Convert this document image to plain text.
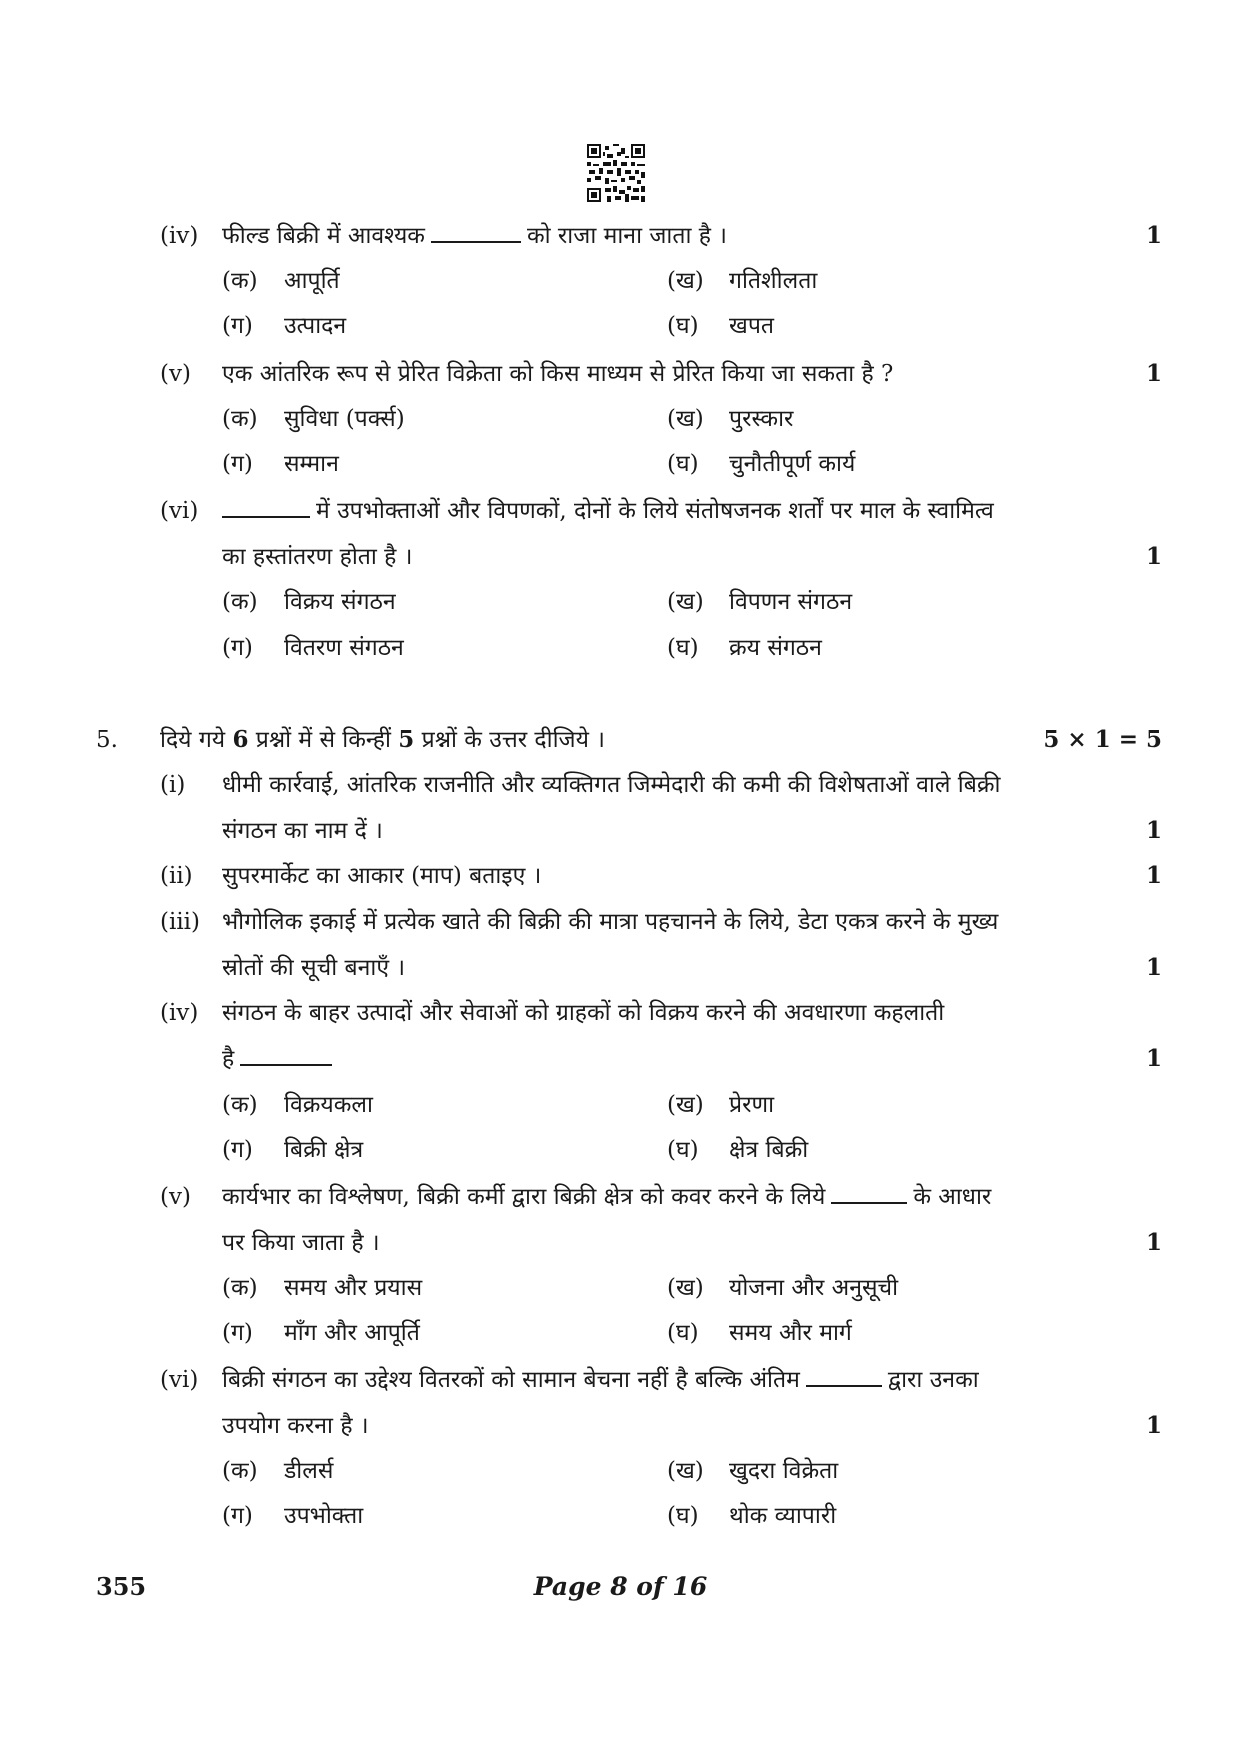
(iv)	फील्ड बिक्री में आवश्यक	को राजा माना जाता है ।	1
(क) आपूर्ति	(ख) गतिशीलता
(ग) उत्पादन	(घ) खपत
(v)	एक आंतरिक रूप से प्रेरित विक्रेता को किस माध्यम से प्रेरित किया जा सकता है ?	1
(क) सुविधा (पर्क्स)	(ख) पुरस्कार
(ग) सम्मान	(घ) चुनौतीपूर्ण कार्य
(vi)	में उपभोक्ताओं और विपणकों, दोनों के लिये संतोषजनक शर्तों पर माल के स्वामित्व
का हस्तांतरण होता है ।	1
(क) विक्रय संगठन	(ख) विपणन संगठन
(ग) वितरण संगठन	(घ) क्रय संगठन
5.	दिये गये 6 प्रश्नों में से किन्हीं 5 प्रश्नों के उत्तर दीजिये ।	5 × 1 = 5
(i)	धीमी कार्रवाई, आंतरिक राजनीति और व्यक्तिगत जिम्मेदारी की कमी की विशेषताओं वाले बिक्री
संगठन का नाम दें ।	1
(ii)	सुपरमार्केट का आकार (माप) बताइए ।	1
(iii) भौगोलिक इकाई में प्रत्येक खाते की बिक्री की मात्रा पहचानने के लिये, डेटा एकत्र करने के मुख्य
स्रोतों की सूची बनाएँ ।	1
(iv)	संगठन के बाहर उत्पादों और सेवाओं को ग्राहकों को विक्रय करने की अवधारणा कहलाती
है	1
(क) विक्रयकला	(ख) प्रेरणा
(ग) बिक्री क्षेत्र	(घ) क्षेत्र बिक्री
(v)	कार्यभार का विश्लेषण, बिक्री कर्मी द्वारा बिक्री क्षेत्र को कवर करने के लिये	के आधार
पर किया जाता है ।	1
(क) समय और प्रयास	(ख) योजना और अनुसूची
(ग) माँग और आपूर्ति	(घ) समय और मार्ग
(vi)	बिक्री संगठन का उद्देश्य वितरकों को सामान बेचना नहीं है बल्कि अंतिम	द्वारा उनका
उपयोग करना है ।	1
(क) डीलर्स	(ख) खुदरा विक्रेता
(ग) उपभोक्ता	(घ) थोक व्यापारी
355	Page 8 of 16
